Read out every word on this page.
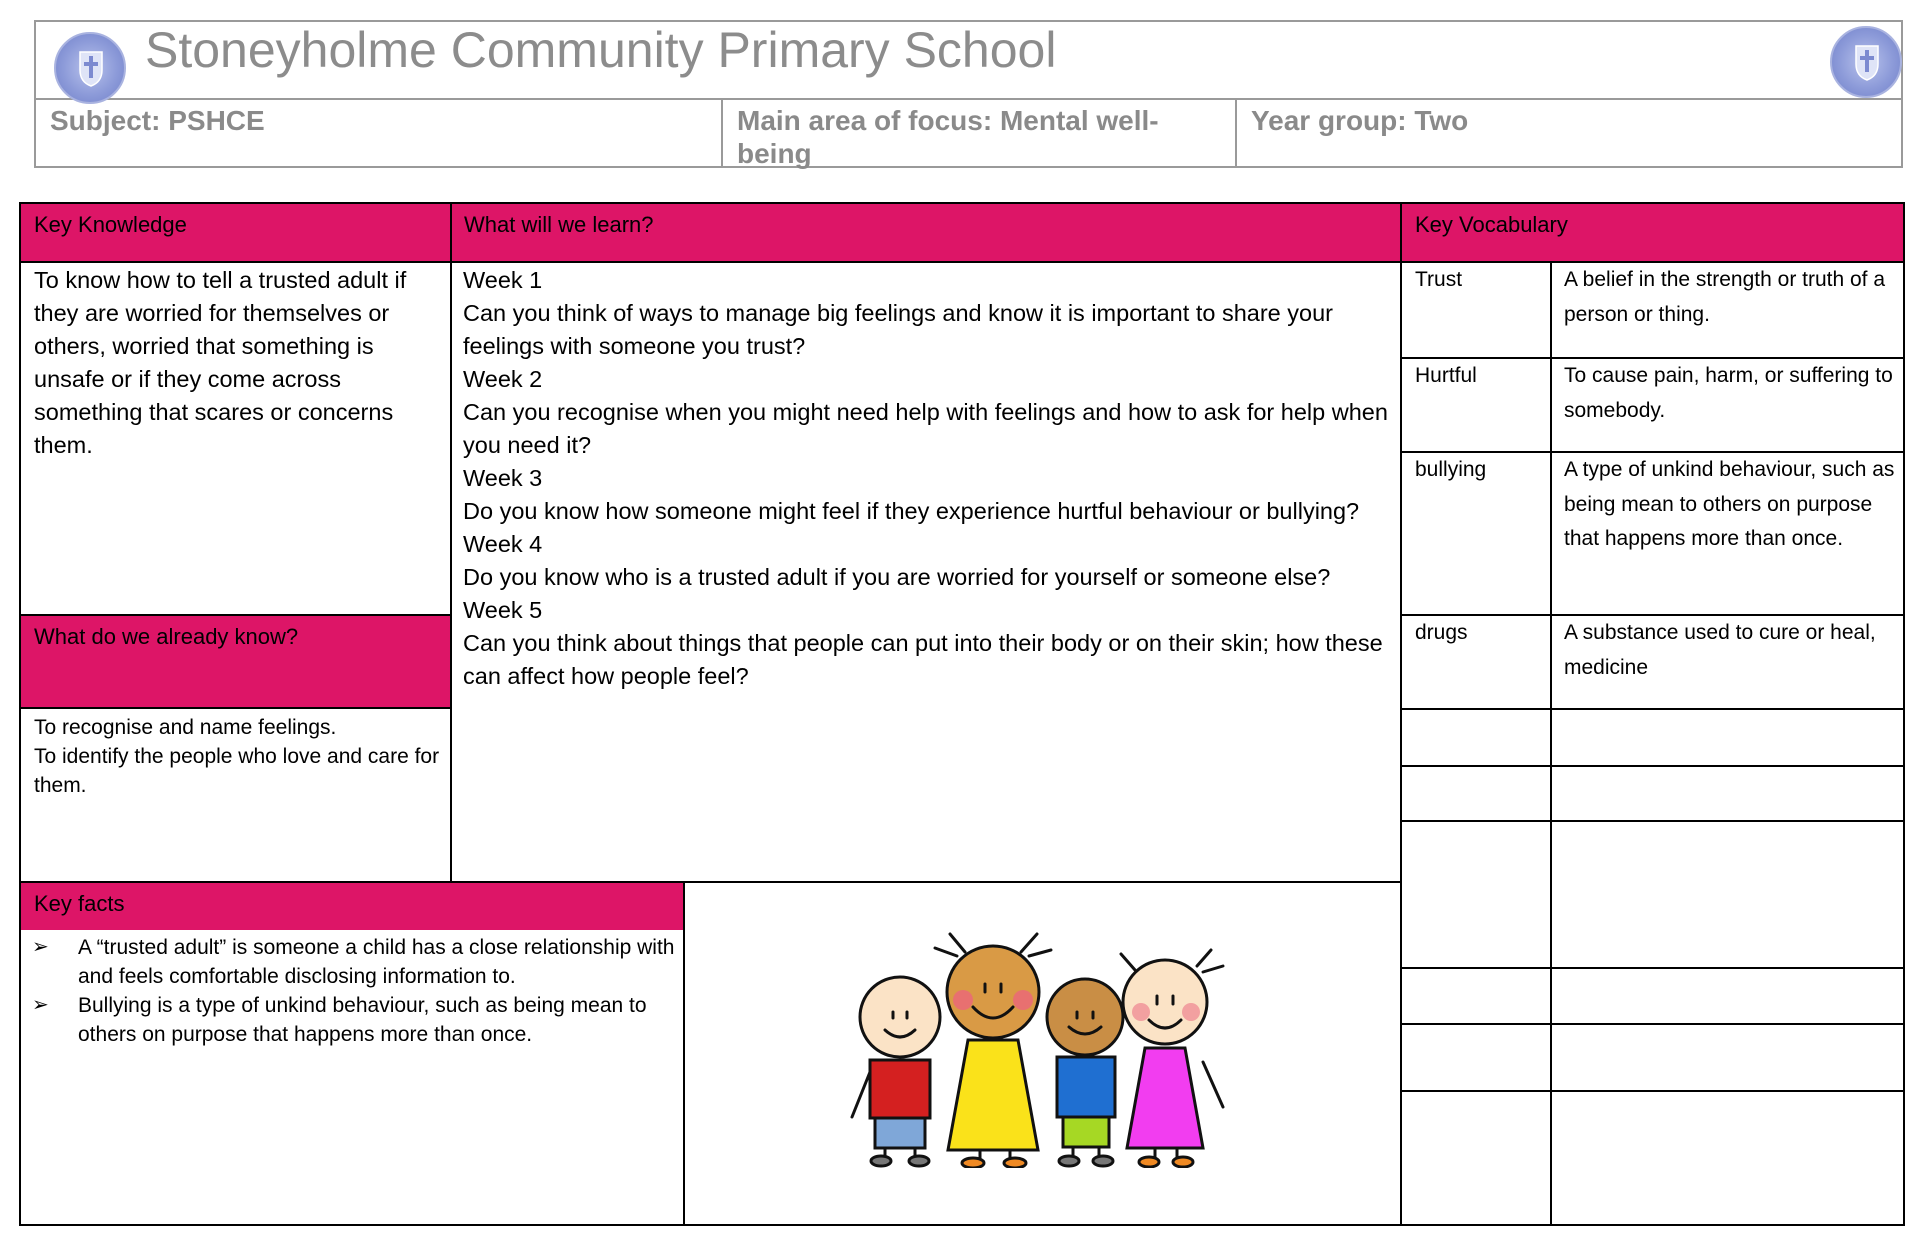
Stoneyholme Community Primary School
Subject: PSHCE	Main area of focus: Mental well-being
Year group: Two
Key Knowledge	What will we learn?	Key Vocabulary
What do we already know?
Key facts
To know how to tell a trusted adult if they are worried for themselves or others, worried that something is unsafe or if they come across something that scares or concerns them.

To recognise and name feelings.

To identify the people who love and care for them.

Week 1

Can you think of ways to manage big feelings and know it is important to share your feelings with someone you trust?

Week 2

Can you recognise when you might need help with feelings and how to ask for help when you need it?

Week 3

Do you know how someone might feel if they experience hurtful behaviour or bullying?

Week 4

Do you know who is a trusted adult if you are worried for yourself or someone else?

Week 5

Can you think about things that people can put into their body or on their skin; how these can affect how people feel?

Trust	A belief in the strength or truth of a person or thing.
Hurtful	To cause pain, harm, or suffering to somebody.
bullying	A type of unkind behaviour, such as being mean to others on purpose that happens more than once.
drugs	A substance used to cure or heal, medicine
➢ A “trusted adult” is someone a child has a close relationship with and feels comfortable disclosing information to.
➢ Bullying is a type of unkind behaviour, such as being mean to others on purpose that happens more than once.
